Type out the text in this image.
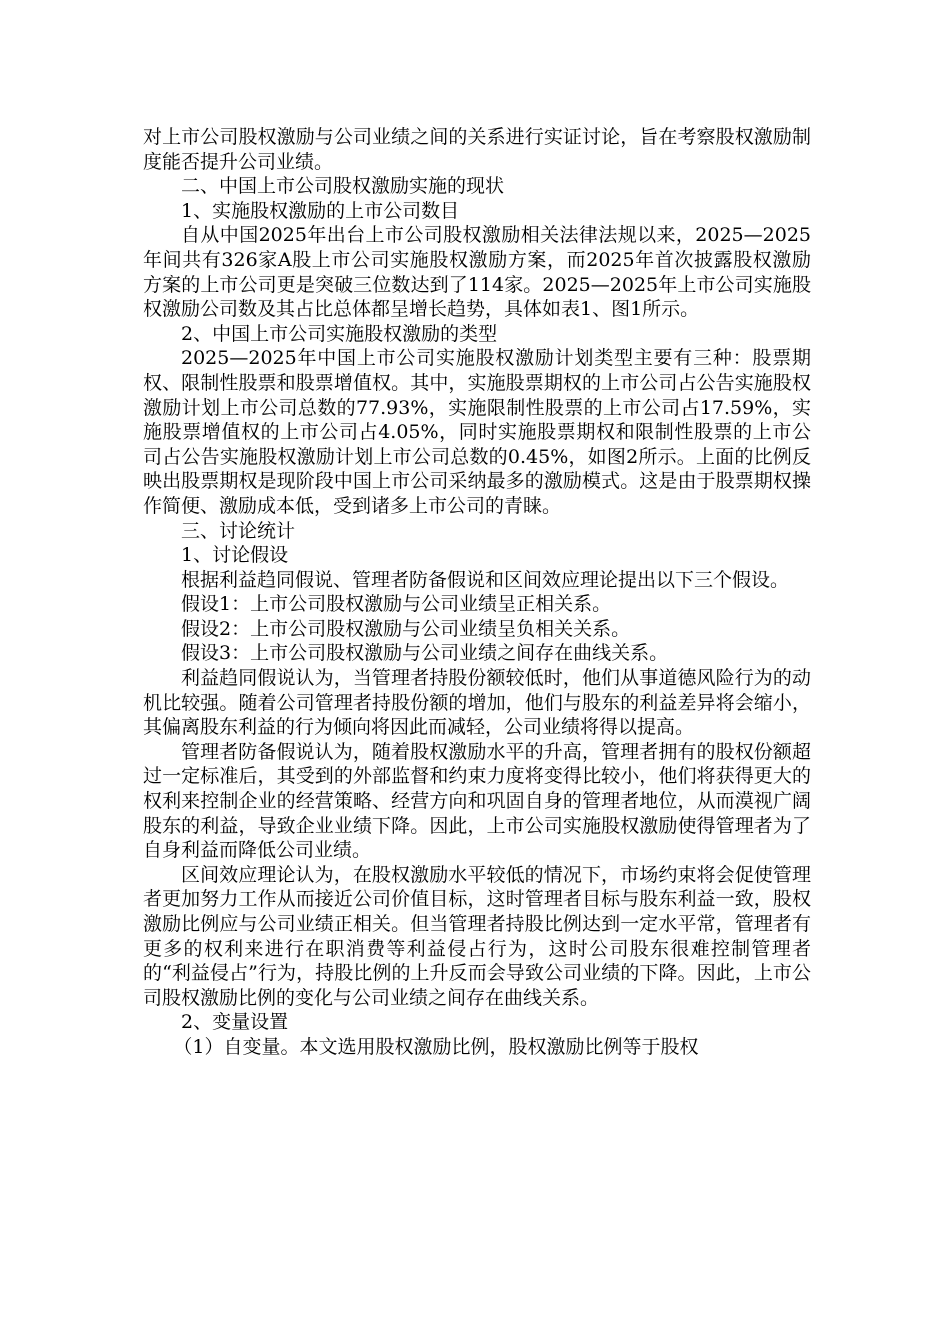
对上市公司股权激励与公司业绩之间的关系进行实证讨论，旨在考察股权激励制度能否提升公司业绩。

二、中国上市公司股权激励实施的现状

1、实施股权激励的上市公司数目

自从中国2025年出台上市公司股权激励相关法律法规以来，2025—2025年间共有326家A股上市公司实施股权激励方案，而2025年首次披露股权激励方案的上市公司更是突破三位数达到了114家。2025—2025年上市公司实施股权激励公司数及其占比总体都呈增长趋势，具体如表1、图1所示。

2、中国上市公司实施股权激励的类型

2025—2025年中国上市公司实施股权激励计划类型主要有三种：股票期权、限制性股票和股票增值权。其中，实施股票期权的上市公司占公告实施股权激励计划上市公司总数的77.93%，实施限制性股票的上市公司占17.59%，实施股票增值权的上市公司占4.05%，同时实施股票期权和限制性股票的上市公司占公告实施股权激励计划上市公司总数的0.45%，如图2所示。上面的比例反映出股票期权是现阶段中国上市公司采纳最多的激励模式。这是由于股票期权操作简便、激励成本低，受到诸多上市公司的青睐。

三、讨论统计

1、讨论假设

根据利益趋同假说、管理者防备假说和区间效应理论提出以下三个假设。

假设1：上市公司股权激励与公司业绩呈正相关系。

假设2：上市公司股权激励与公司业绩呈负相关关系。

假设3：上市公司股权激励与公司业绩之间存在曲线关系。

利益趋同假说认为，当管理者持股份额较低时，他们从事道德风险行为的动机比较强。随着公司管理者持股份额的增加，他们与股东的利益差异将会缩小，其偏离股东利益的行为倾向将因此而减轻，公司业绩将得以提高。

管理者防备假说认为，随着股权激励水平的升高，管理者拥有的股权份额超过一定标准后，其受到的外部监督和约束力度将变得比较小，他们将获得更大的权利来控制企业的经营策略、经营方向和巩固自身的管理者地位，从而漠视广阔股东的利益，导致企业业绩下降。因此，上市公司实施股权激励使得管理者为了自身利益而降低公司业绩。

区间效应理论认为，在股权激励水平较低的情况下，市场约束将会促使管理者更加努力工作从而接近公司价值目标，这时管理者目标与股东利益一致，股权激励比例应与公司业绩正相关。但当管理者持股比例达到一定水平常，管理者有更多的权利来进行在职消费等利益侵占行为，这时公司股东很难控制管理者的“利益侵占”行为，持股比例的上升反而会导致公司业绩的下降。因此，上市公司股权激励比例的变化与公司业绩之间存在曲线关系。

2、变量设置

（1）自变量。本文选用股权激励比例，股权激励比例等于股权
